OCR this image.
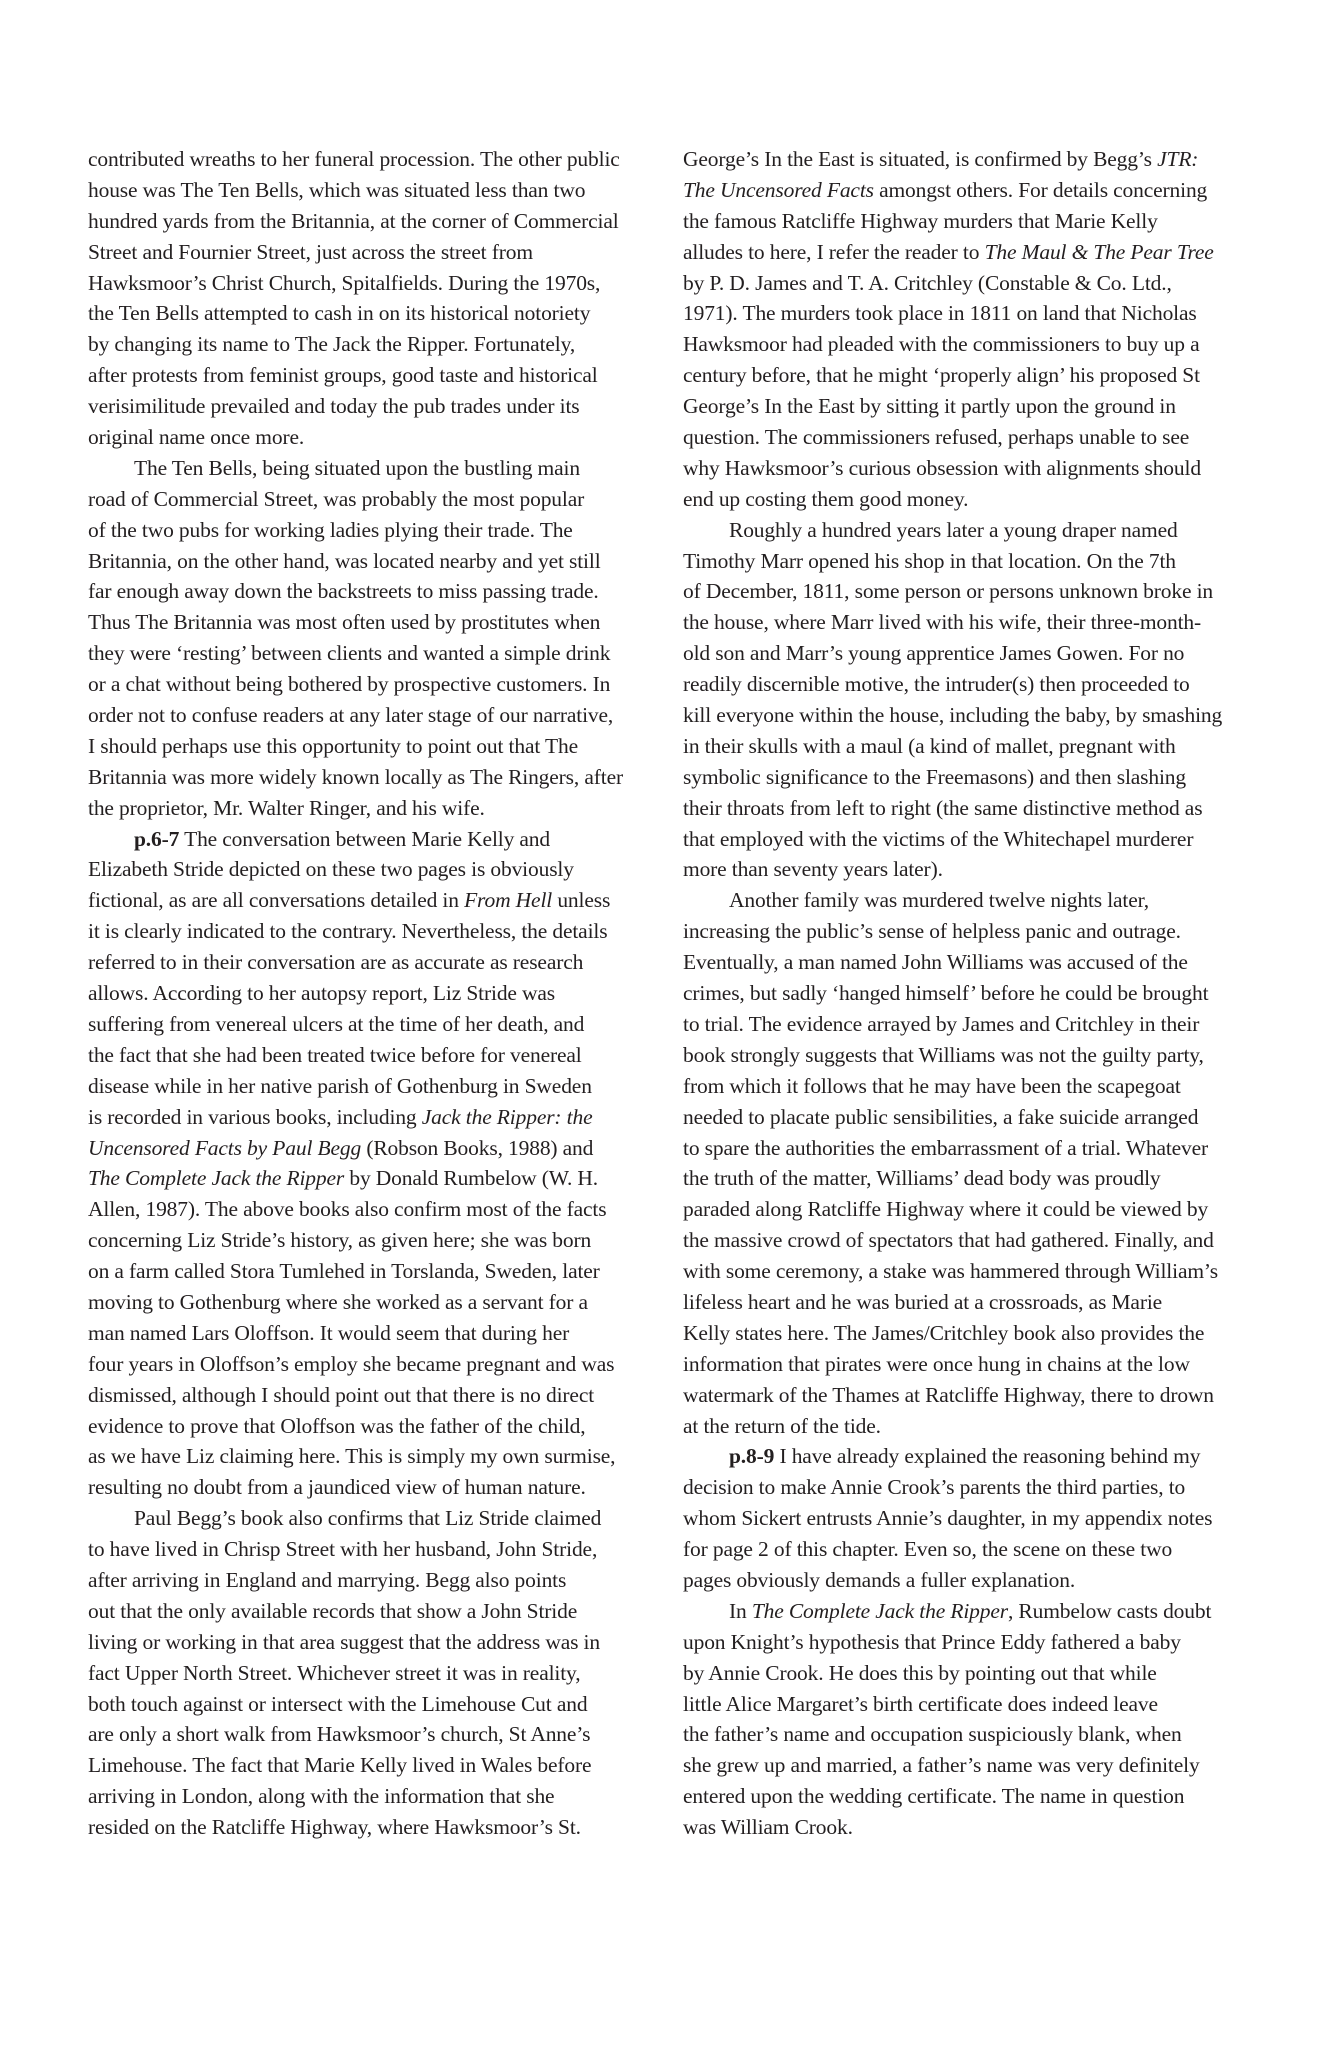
contributed wreaths to her funeral procession. The other public
house was The Ten Bells, which was situated less than two
hundred yards from the Britannia, at the corner of Commercial
Street and Fournier Street, just across the street from
Hawksmoor’s Christ Church, Spitalfields. During the 1970s,
the Ten Bells attempted to cash in on its historical notoriety
by changing its name to The Jack the Ripper. Fortunately,
after protests from feminist groups, good taste and historical
verisimilitude prevailed and today the pub trades under its
original name once more.
The Ten Bells, being situated upon the bustling main
road of Commercial Street, was probably the most popular
of the two pubs for working ladies plying their trade. The
Britannia, on the other hand, was located nearby and yet still
far enough away down the backstreets to miss passing trade.
Thus The Britannia was most often used by prostitutes when
they were ‘resting’ between clients and wanted a simple drink
or a chat without being bothered by prospective customers. In
order not to confuse readers at any later stage of our narrative,
I should perhaps use this opportunity to point out that The
Britannia was more widely known locally as The Ringers, after
the proprietor, Mr. Walter Ringer, and his wife.
p.6-7 The conversation between Marie Kelly and
Elizabeth Stride depicted on these two pages is obviously
fictional, as are all conversations detailed in From Hell unless
it is clearly indicated to the contrary. Nevertheless, the details
referred to in their conversation are as accurate as research
allows. According to her autopsy report, Liz Stride was
suffering from venereal ulcers at the time of her death, and
the fact that she had been treated twice before for venereal
disease while in her native parish of Gothenburg in Sweden
is recorded in various books, including Jack the Ripper: the
Uncensored Facts by Paul Begg (Robson Books, 1988) and
The Complete Jack the Ripper by Donald Rumbelow (W. H.
Allen, 1987). The above books also confirm most of the facts
concerning Liz Stride’s history, as given here; she was born
on a farm called Stora Tumlehed in Torslanda, Sweden, later
moving to Gothenburg where she worked as a servant for a
man named Lars Oloffson. It would seem that during her
four years in Oloffson’s employ she became pregnant and was
dismissed, although I should point out that there is no direct
evidence to prove that Oloffson was the father of the child,
as we have Liz claiming here. This is simply my own surmise,
resulting no doubt from a jaundiced view of human nature.
Paul Begg’s book also confirms that Liz Stride claimed
to have lived in Chrisp Street with her husband, John Stride,
after arriving in England and marrying. Begg also points
out that the only available records that show a John Stride
living or working in that area suggest that the address was in
fact Upper North Street. Whichever street it was in reality,
both touch against or intersect with the Limehouse Cut and
are only a short walk from Hawksmoor’s church, St Anne’s
Limehouse. The fact that Marie Kelly lived in Wales before
arriving in London, along with the information that she
resided on the Ratcliffe Highway, where Hawksmoor’s St.
George’s In the East is situated, is confirmed by Begg’s JTR:
The Uncensored Facts amongst others. For details concerning
the famous Ratcliffe Highway murders that Marie Kelly
alludes to here, I refer the reader to The Maul & The Pear Tree
by P. D. James and T. A. Critchley (Constable & Co. Ltd.,
1971). The murders took place in 1811 on land that Nicholas
Hawksmoor had pleaded with the commissioners to buy up a
century before, that he might ‘properly align’ his proposed St
George’s In the East by sitting it partly upon the ground in
question. The commissioners refused, perhaps unable to see
why Hawksmoor’s curious obsession with alignments should
end up costing them good money.
Roughly a hundred years later a young draper named
Timothy Marr opened his shop in that location. On the 7th
of December, 1811, some person or persons unknown broke in
the house, where Marr lived with his wife, their three-month-
old son and Marr’s young apprentice James Gowen. For no
readily discernible motive, the intruder(s) then proceeded to
kill everyone within the house, including the baby, by smashing
in their skulls with a maul (a kind of mallet, pregnant with
symbolic significance to the Freemasons) and then slashing
their throats from left to right (the same distinctive method as
that employed with the victims of the Whitechapel murderer
more than seventy years later).
Another family was murdered twelve nights later,
increasing the public’s sense of helpless panic and outrage.
Eventually, a man named John Williams was accused of the
crimes, but sadly ‘hanged himself’ before he could be brought
to trial. The evidence arrayed by James and Critchley in their
book strongly suggests that Williams was not the guilty party,
from which it follows that he may have been the scapegoat
needed to placate public sensibilities, a fake suicide arranged
to spare the authorities the embarrassment of a trial. Whatever
the truth of the matter, Williams’ dead body was proudly
paraded along Ratcliffe Highway where it could be viewed by
the massive crowd of spectators that had gathered. Finally, and
with some ceremony, a stake was hammered through William’s
lifeless heart and he was buried at a crossroads, as Marie
Kelly states here. The James/Critchley book also provides the
information that pirates were once hung in chains at the low
watermark of the Thames at Ratcliffe Highway, there to drown
at the return of the tide.
p.8-9 I have already explained the reasoning behind my
decision to make Annie Crook’s parents the third parties, to
whom Sickert entrusts Annie’s daughter, in my appendix notes
for page 2 of this chapter. Even so, the scene on these two
pages obviously demands a fuller explanation.
In The Complete Jack the Ripper, Rumbelow casts doubt
upon Knight’s hypothesis that Prince Eddy fathered a baby
by Annie Crook. He does this by pointing out that while
little Alice Margaret’s birth certificate does indeed leave
the father’s name and occupation suspiciously blank, when
she grew up and married, a father’s name was very definitely
entered upon the wedding certificate. The name in question
was William Crook.
